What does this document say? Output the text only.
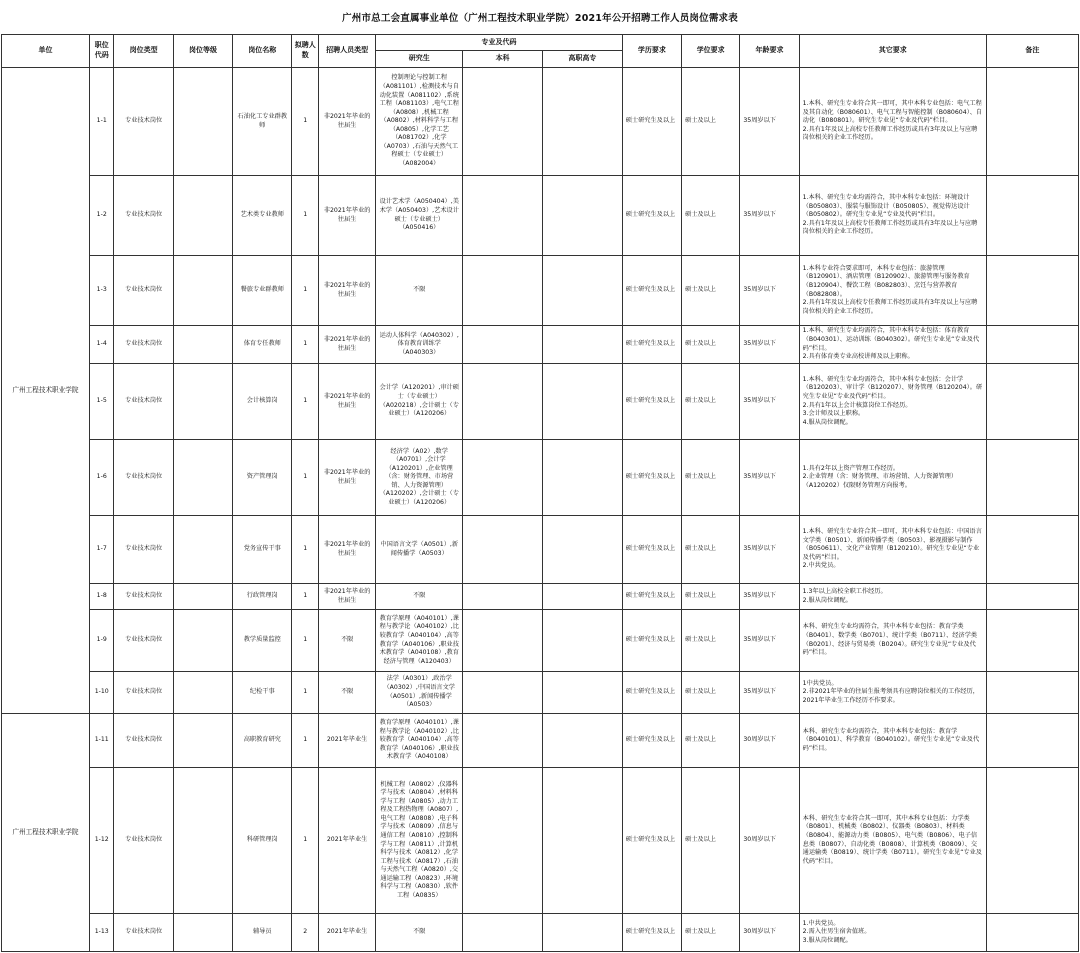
广州市总工会直属事业单位（广州工程技术职业学院）2021年公开招聘工作人员岗位需求表
单位	职位代码	岗位类型	岗位等级	岗位名称	拟聘人数	招聘人员类型	专业及代码			学历要求	学位要求	年龄要求	其它要求	备注
							研究生	本科	高职高专					
广州工程技术职业学院	1-1	专业技术岗位		石油化工专业群教师	1	非2021年毕业的往届生	控制理论与控制工程（A081101）,检测技术与自动化装置（A081102）,系统工程（A081103）,电气工程（A0808）,机械工程（A0802）,材料科学与工程（A0805）,化学工艺（A081702）,化学（A0703）,石油与天然气工程硕士（专业硕士）（A082004）			硕士研究生及以上	硕士及以上	35周岁以下	1.本科、研究生专业符合其一即可，其中本科专业包括：电气工程及其自动化（B080601）、电气工程与智能控制（B080604）、自动化（B080801）。研究生专业见“专业及代码”栏目。
2.具有1年及以上高校专任教师工作经历或具有3年及以上与应聘岗位相关的企业工作经历。	
	1-2	专业技术岗位		艺术类专业教师	1	非2021年毕业的往届生	设计艺术学（A050404）,美术学（A050403）,艺术设计硕士（专业硕士）（A050416）			硕士研究生及以上	硕士及以上	35周岁以下	1.本科、研究生专业均需符合，其中本科专业包括：环境设计（B050803）、服装与服饰设计（B050805）、视觉传达设计（B050802）。研究生专业见“专业及代码”栏目。
2.具有1年及以上高校专任教师工作经历或具有3年及以上与应聘岗位相关的企业工作经历。	
	1-3	专业技术岗位		餐旅专业群教师	1	非2021年毕业的往届生	不限			硕士研究生及以上	硕士及以上	35周岁以下	1.本科专业符合要求即可，本科专业包括：旅游管理（B120901）、酒店管理（B120902）、旅游管理与服务教育（B120904）、餐饮工程（B082803）、烹饪与营养教育（B082808）。
2.具有1年及以上高校专任教师工作经历或具有3年及以上与应聘岗位相关的企业工作经历。	
	1-4	专业技术岗位		体育专任教师	1	非2021年毕业的往届生	运动人体科学（A040302）,体育教育训练学（A040303）			硕士研究生及以上	硕士及以上	35周岁以下	1.本科、研究生专业均需符合，其中本科专业包括：体育教育（B040301）、运动训练（B040302）。研究生专业见“专业及代码”栏目。
2.具有体育类专业高校讲师及以上职称。	
	1-5	专业技术岗位		会计核算岗	1	非2021年毕业的往届生	会计学（A120201）,审计硕士（专业硕士）（A020218）,会计硕士（专业硕士）（A120206）			硕士研究生及以上	硕士及以上	35周岁以下	1.本科、研究生专业均需符合，其中本科专业包括：会计学（B120203）、审计学（B120207）、财务管理（B120204）。研究生专业见“专业及代码”栏目。
2.具有1年以上会计核算岗位工作经历。
3.会计师及以上职称。
4.服从岗位调配。	
	1-6	专业技术岗位		资产管理岗	1	非2021年毕业的往届生	经济学（A02）,数学（A0701）,会计学（A120201）,企业管理（含：财务管理、市场营销、人力资源管理）（A120202）,会计硕士（专业硕士）（A120206）			硕士研究生及以上	硕士及以上	35周岁以下	1.具有2年以上资产管理工作经历。
2.企业管理（含：财务管理、市场营销、人力资源管理）（A120202）仅限财务管理方向报考。	
	1-7	专业技术岗位		党务宣传干事	1	非2021年毕业的往届生	中国语言文学（A0501）,新闻传播学（A0503）			硕士研究生及以上	硕士及以上	35周岁以下	1.本科、研究生专业符合其一即可，其中本科专业包括：中国语言文学类（B0501）、新闻传播学类（B0503）、影视摄影与制作（B050611）、文化产业管理（B120210）。研究生专业见“专业及代码”栏目。
2.中共党员。	
	1-8	专业技术岗位		行政管理岗	1	非2021年毕业的往届生	不限			硕士研究生及以上	硕士及以上	35周岁以下	1.3年以上高校全职工作经历。
2.服从岗位调配。	
	1-9	专业技术岗位		教学质量监控	1	不限	教育学原理（A040101）,课程与教学论（A040102）,比较教育学（A040104）,高等教育学（A040106）,职业技术教育学（A040108）,教育经济与管理（A120403）			硕士研究生及以上	硕士及以上	35周岁以下	本科、研究生专业均需符合，其中本科专业包括：教育学类（B0401）、数学类（B0701）、统计学类（B0711）、经济学类（B0201）、经济与贸易类（B0204）。研究生专业见“专业及代码”栏目。	
	1-10	专业技术岗位		纪检干事	1	不限	法学（A0301）,政治学（A0302）,中国语言文学（A0501）,新闻传播学（A0503）			硕士研究生及以上	硕士及以上	35周岁以下	1中共党员。
2.非2021年毕业的往届生报考须具有应聘岗位相关的工作经历，2021年毕业生工作经历不作要求。	
广州工程技术职业学院	1-11	专业技术岗位		高职教育研究	1	2021年毕业生	教育学原理（A040101）,课程与教学论（A040102）,比较教育学（A040104）,高等教育学（A040106）,职业技术教育学（A040108）			硕士研究生及以上	硕士及以上	30周岁以下	本科、研究生专业均需符合，其中本科专业包括：教育学（B040101）、科学教育（B040102）。研究生专业见“专业及代码”栏目。	
	1-12	专业技术岗位		科研管理岗	1	2021年毕业生	机械工程（A0802）,仪器科学与技术（A0804）,材料科学与工程（A0805）,动力工程及工程热物理（A0807）,电气工程（A0808）,电子科学与技术（A0809）,信息与通信工程（A0810）,控制科学与工程（A0811）,计算机科学与技术（A0812）,化学工程与技术（A0817）,石油与天然气工程（A0820）,交通运输工程（A0823）,环境科学与工程（A0830）,软件工程（A0835）			硕士研究生及以上	硕士及以上	30周岁以下	本科、研究生专业符合其一即可，其中本科专业包括：力学类（B0801）、机械类（B0802）、仪器类（B0803）、材料类（B0804）、能源动力类（B0805）、电气类（B0806）、电子信息类（B0807）、自动化类（B0808）、计算机类（B0809）、交通运输类（B0819）、统计学类（B0711）。研究生专业见“专业及代码”栏目。	
	1-13	专业技术岗位		辅导员	2	2021年毕业生	不限			硕士研究生及以上	硕士及以上	30周岁以下	1.中共党员。
2.需入住男生宿舍值班。
3.服从岗位调配。	
